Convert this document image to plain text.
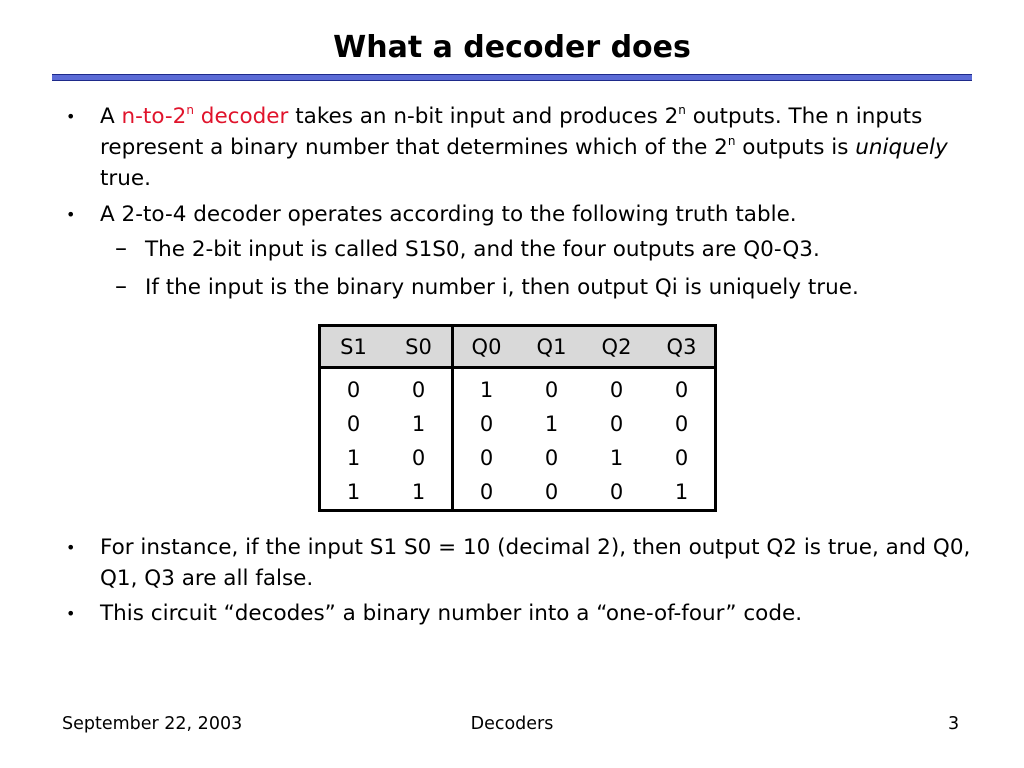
What a decoder does
• A n-to-2$^n$ decoder takes an n-bit input and produces 2$^n$ outputs. The n inputs represent a binary number that determines which of the 2$^n$ outputs is uniquely true.
• A 2-to-4 decoder operates according to the following truth table.
– The 2-bit input is called S1S0, and the four outputs are Q0-Q3.
– If the input is the binary number i, then output Qi is uniquely true.
S1	S0	Q0	Q1	Q2	Q3
0	0	1	0	0	0
0	1	0	1	0	0
1	0	0	0	1	0
1	1	0	0	0	1
• For instance, if the input S1 S0 = 10 (decimal 2), then output Q2 is true, and Q0, Q1, Q3 are all false.
• This circuit “decodes” a binary number into a “one-of-four” code.
September 22, 2003	Decoders	3
